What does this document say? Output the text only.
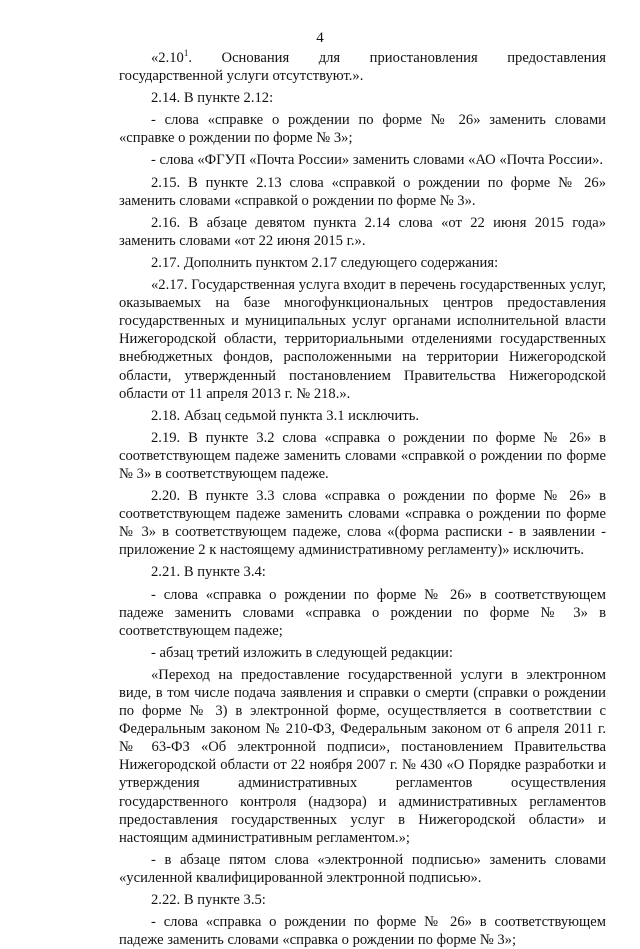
4

«2.10$^1$. Основания для приостановления предоставления государственной услуги отсутствуют.».

2.14. В пункте 2.12:

- слова «справке о рождении по форме № 26» заменить словами «справке о рождении по форме № 3»;

- слова «ФГУП «Почта России» заменить словами «АО «Почта России».

2.15. В пункте 2.13 слова «справкой о рождении по форме № 26» заменить словами «справкой о рождении по форме № 3».

2.16. В абзаце девятом пункта 2.14 слова «от 22 июня 2015 года» заменить словами «от 22 июня 2015 г.».

2.17. Дополнить пунктом 2.17 следующего содержания:

«2.17. Государственная услуга входит в перечень государственных услуг, оказываемых на базе многофункциональных центров предоставления государственных и муниципальных услуг органами исполнительной власти Нижегородской области, территориальными отделениями государственных внебюджетных фондов, расположенными на территории Нижегородской области, утвержденный постановлением Правительства Нижегородской области от 11 апреля 2013 г. № 218.».

2.18. Абзац седьмой пункта 3.1 исключить.

2.19. В пункте 3.2 слова «справка о рождении по форме № 26» в соответствующем падеже заменить словами «справкой о рождении по форме № 3» в соответствующем падеже.

2.20. В пункте 3.3 слова «справка о рождении по форме № 26» в соответствующем падеже заменить словами «справка о рождении по форме № 3» в соответствующем падеже, слова «(форма расписки - в заявлении - приложение 2 к настоящему административному регламенту)» исключить.

2.21. В пункте 3.4:

- слова «справка о рождении по форме № 26» в соответствующем падеже заменить словами «справка о рождении по форме № 3» в соответствующем падеже;

- абзац третий изложить в следующей редакции:

«Переход на предоставление государственной услуги в электронном виде, в том числе подача заявления и справки о смерти (справки о рождении по форме № 3) в электронной форме, осуществляется в соответствии с Федеральным законом № 210-ФЗ, Федеральным законом от 6 апреля 2011 г. № 63-ФЗ «Об электронной подписи», постановлением Правительства Нижегородской области от 22 ноября 2007 г. № 430 «О Порядке разработки и утверждения административных регламентов осуществления государственного контроля (надзора) и административных регламентов предоставления государственных услуг в Нижегородской области» и настоящим административным регламентом.»;

- в абзаце пятом слова «электронной подписью» заменить словами «усиленной квалифицированной электронной подписью».

2.22. В пункте 3.5:

- слова «справка о рождении по форме № 26» в соответствующем падеже заменить словами «справка о рождении по форме № 3»;
